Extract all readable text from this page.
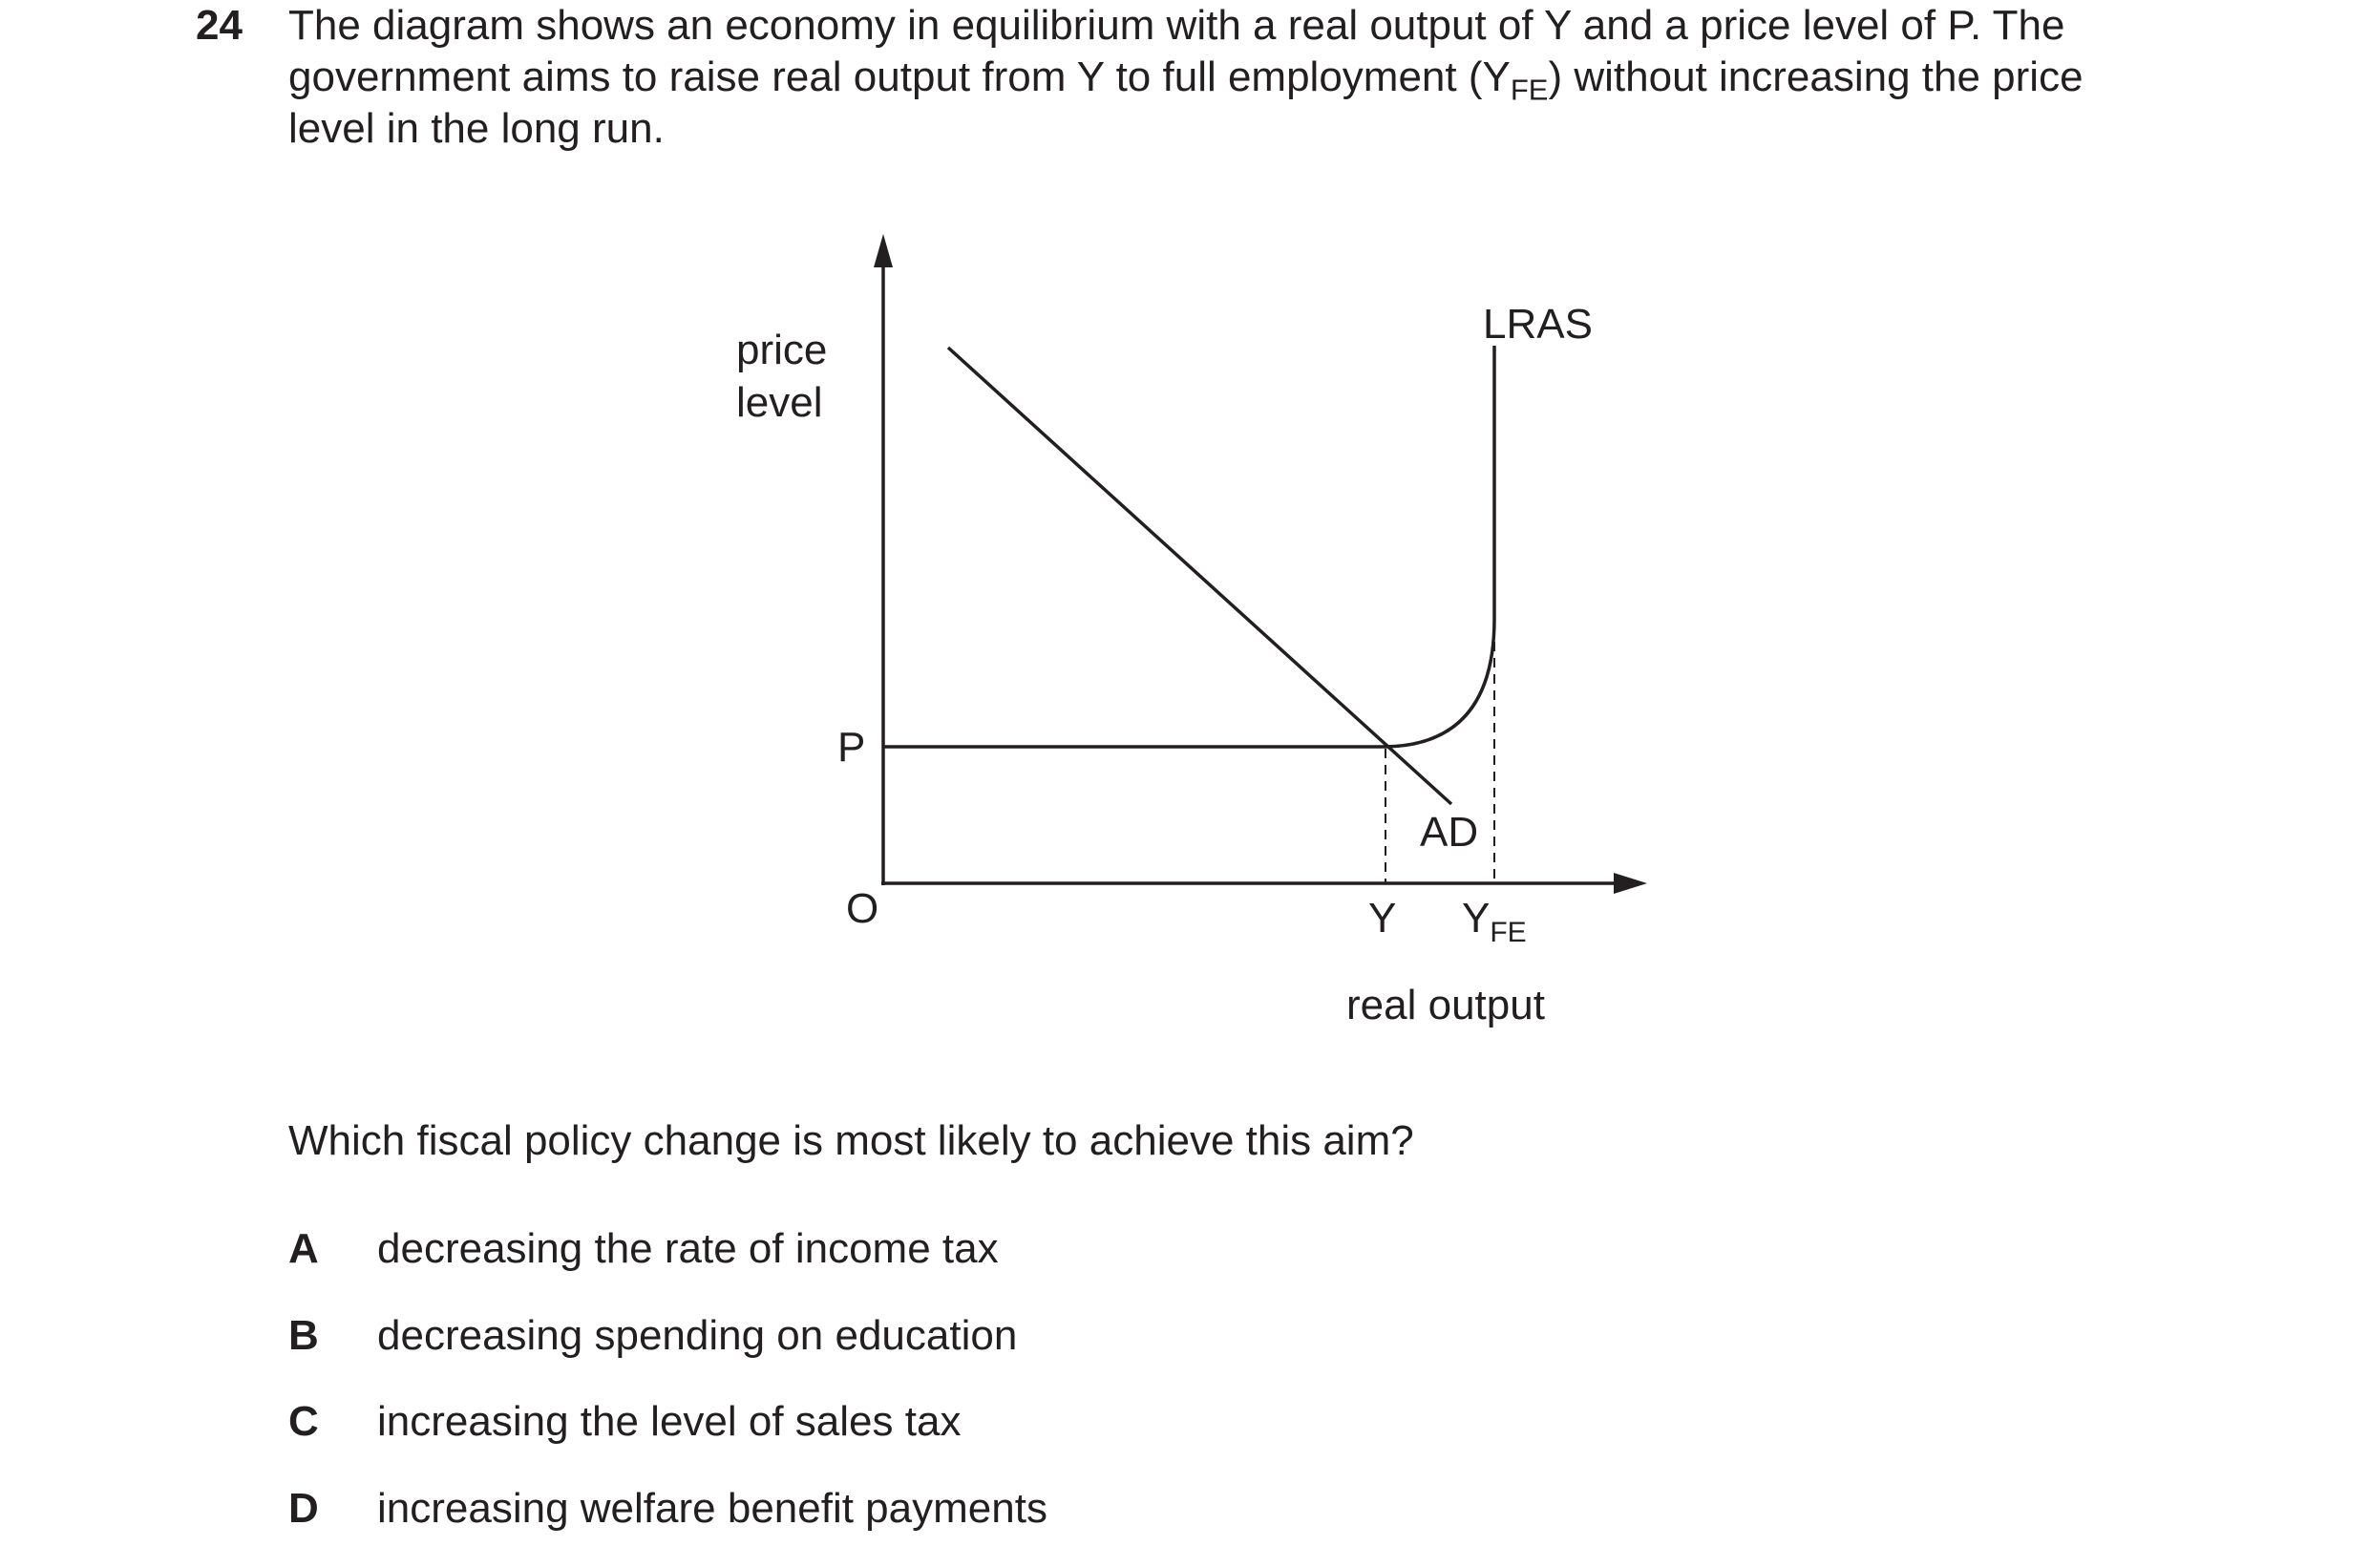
24 The diagram shows an economy in equilibrium with a real output of Y and a price level of P. The
government aims to raise real output from Y to full employment $(Y_{FE})$ without increasing the price
level in the long run.
price
level
LRAS
P
AD
O	Y $Y_{FE}$
real output
Which fiscal policy change is most likely to achieve this aim?
A decreasing the rate of income tax
B decreasing spending on education
C increasing the level of sales tax
D increasing welfare benefit payments
